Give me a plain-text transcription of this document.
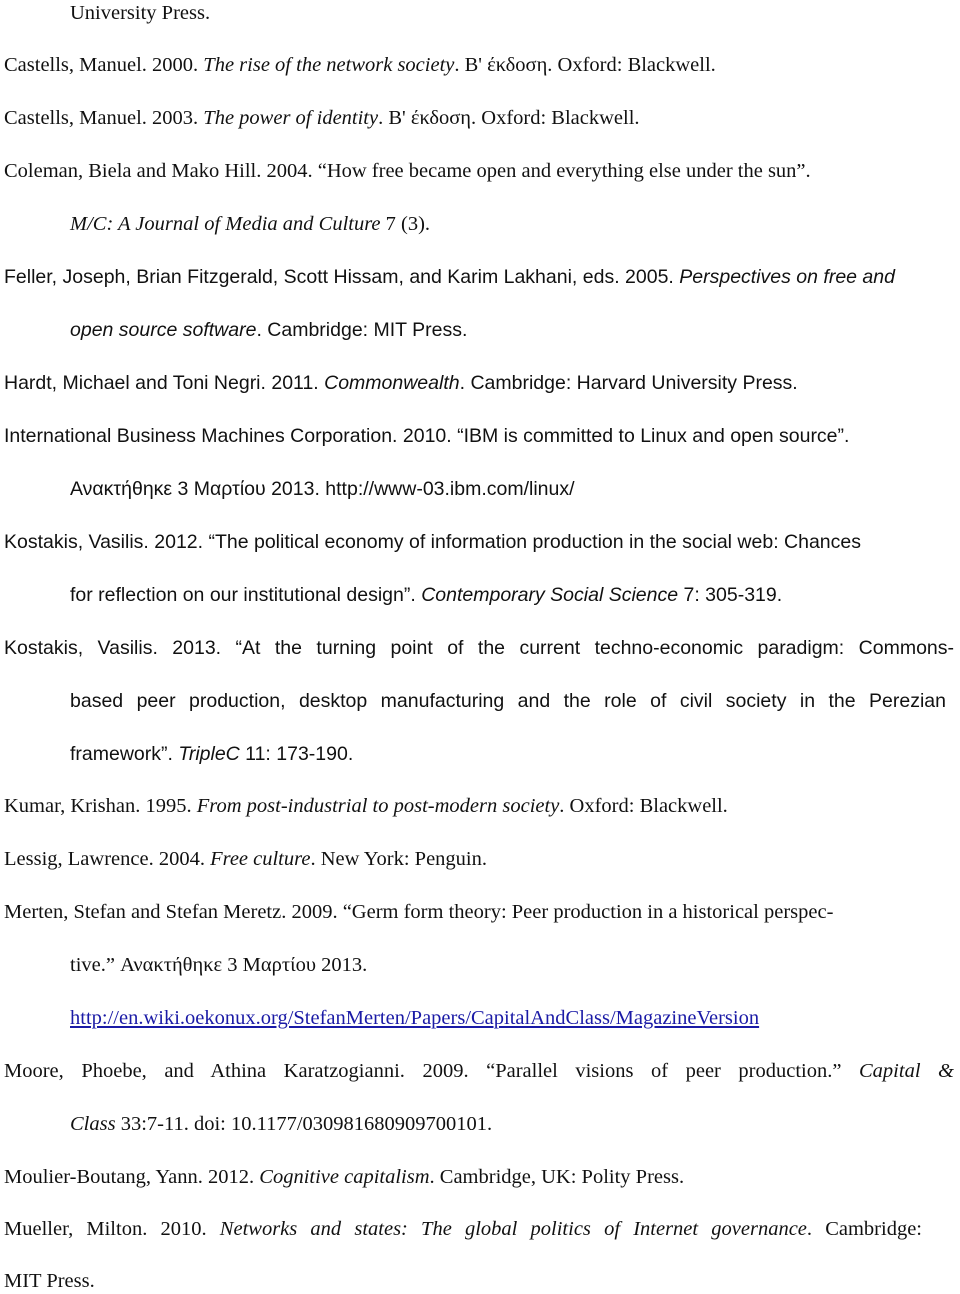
University Press.
Castells, Manuel. 2000. The rise of the network society. B' έκδοση. Oxford: Blackwell.
Castells, Manuel. 2003. The power of identity. B' έκδοση. Oxford: Blackwell.
Coleman, Biela and Mako Hill. 2004. “How free became open and everything else under the sun”.
M/C: A Journal of Media and Culture 7 (3).
Feller, Joseph, Brian Fitzgerald, Scott Hissam, and Karim Lakhani, eds. 2005. Perspectives on free and
open source software. Cambridge: MIT Press.
Hardt, Michael and Toni Negri. 2011. Commonwealth. Cambridge: Harvard University Press.
International Business Machines Corporation. 2010. “IBM is committed to Linux and open source”.
Ανακτήθηκε 3 Μαρτίου 2013. http://www-03.ibm.com/linux/
Kostakis, Vasilis. 2012. “The political economy of information production in the social web: Chances
for reflection on our institutional design”. Contemporary Social Science 7: 305-319.
Kostakis, Vasilis. 2013. “At the turning point of the current techno-economic paradigm: Commons-
based peer production, desktop manufacturing and the role of civil society in the Perezian
framework”. TripleC 11: 173-190.
Kumar, Krishan. 1995. From post-industrial to post-modern society. Oxford: Blackwell.
Lessig, Lawrence. 2004. Free culture. New York: Penguin.
Merten, Stefan and Stefan Meretz. 2009. “Germ form theory: Peer production in a historical perspec-
tive.” Ανακτήθηκε 3 Μαρτίου 2013.
http://en.wiki.oekonux.org/StefanMerten/Papers/CapitalAndClass/MagazineVersion
Moore, Phoebe, and Athina Karatzogianni. 2009. “Parallel visions of peer production.” Capital &
Class 33:7-11. doi: 10.1177/030981680909700101.
Moulier-Boutang, Yann. 2012. Cognitive capitalism. Cambridge, UK: Polity Press.
Mueller, Milton. 2010. Networks and states: The global politics of Internet governance. Cambridge:
MIT Press.
